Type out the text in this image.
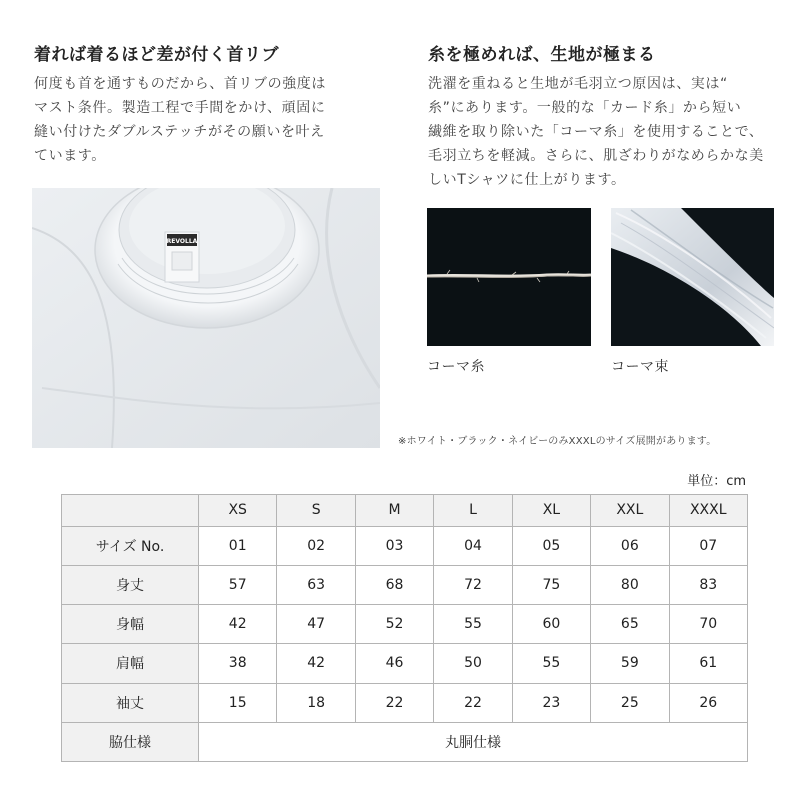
着れば着るほど差が付く首リブ
何度も首を通すものだから、首リブの強度は
マスト条件。製造工程で手間をかけ、頑固に
縫い付けたダブルステッチがその願いを叶え
ています。
糸を極めれば、生地が極まる
洗濯を重ねると生地が毛羽立つ原因は、実は“
糸”にあります。一般的な「カード糸」から短い
繊維を取り除いた「コーマ糸」を使用することで、毛羽立ちを軽減。さらに、肌ざわりがなめらかな美しいTシャツに仕上がります。
REVOLLA
コーマ糸	コーマ束
※ホワイト・ブラック・ネイビーのみXXXLのサイズ展開があります。
単位：cm
	XS	S	M	L	XL	XXL	XXXL
サイズ No.	01	02	03	04	05	06	07
身丈	57	63	68	72	75	80	83
身幅	42	47	52	55	60	65	70
肩幅	38	42	46	50	55	59	61
袖丈	15	18	22	22	23	25	26
脇仕様	丸胴仕様						
